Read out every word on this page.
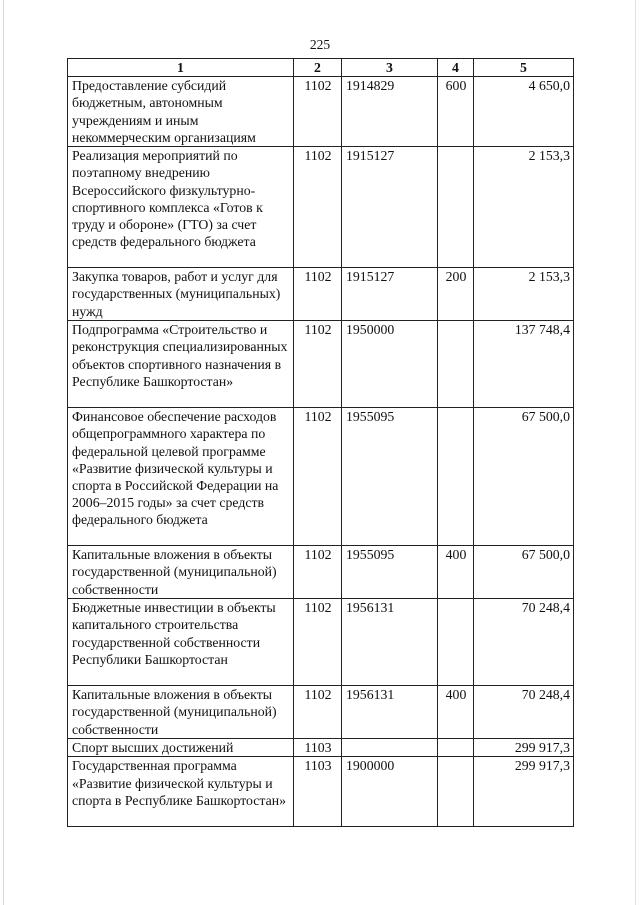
225
1	2	3	4	5
Предоставление субсидий бюджетным, автономным учреждениям и иным некоммерческим организациям	1102	1914829	600	4 650,0
Реализация мероприятий по поэтапному внедрению Всероссийского физкультурно-спортивного комплекса «Готов к труду и обороне» (ГТО) за счет средств федерального бюджета	1102	1915127		2 153,3
Закупка товаров, работ и услуг для государственных (муниципальных) нужд	1102	1915127	200	2 153,3
Подпрограмма «Строительство и реконструкция специализированных объектов спортивного назначения в Республике Башкортостан»	1102	1950000		137 748,4
Финансовое обеспечение расходов общепрограммного характера по федеральной целевой программе «Развитие физической культуры и спорта в Российской Федерации на 2006–2015 годы» за счет средств федерального бюджета	1102	1955095		67 500,0
Капитальные вложения в объекты государственной (муниципальной) собственности	1102	1955095	400	67 500,0
Бюджетные инвестиции в объекты капитального строительства государственной собственности Республики Башкортостан	1102	1956131		70 248,4
Капитальные вложения в объекты государственной (муниципальной) собственности	1102	1956131	400	70 248,4
Спорт высших достижений	1103			299 917,3
Государственная программа «Развитие физической культуры и спорта в Республике Башкортостан»	1103	1900000		299 917,3
